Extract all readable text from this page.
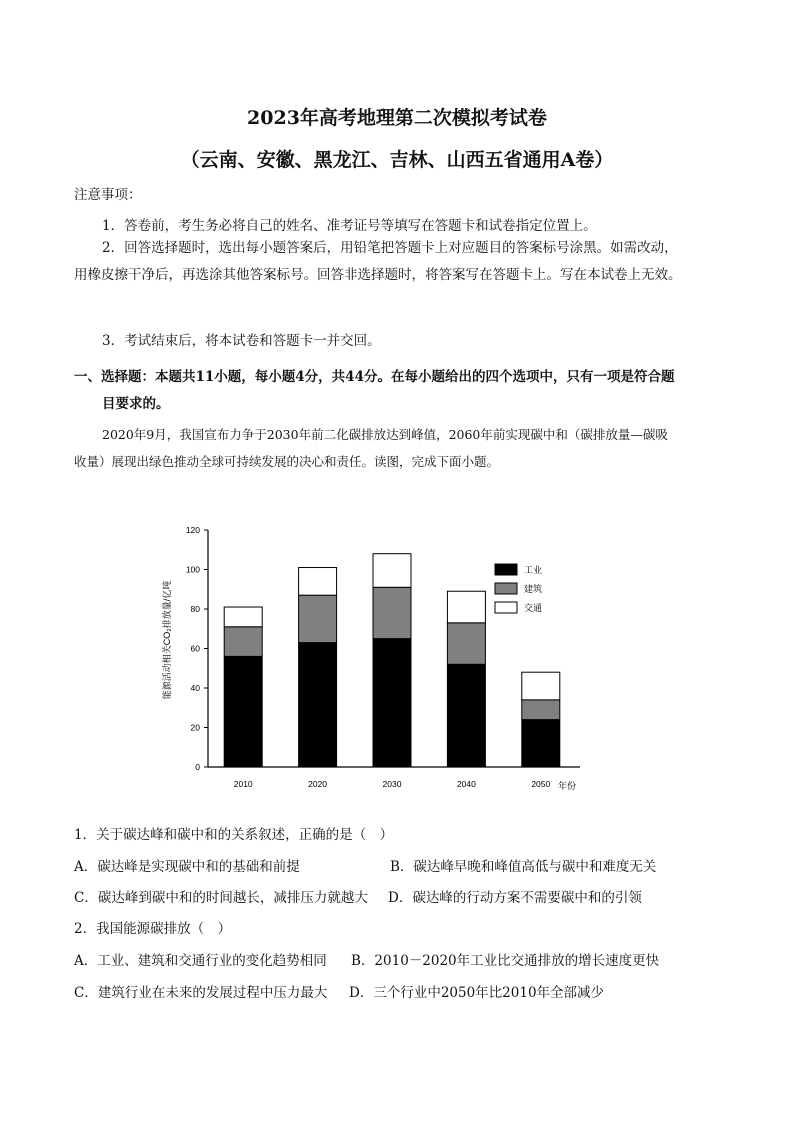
2023年高考地理第二次模拟考试卷
（云南、安徽、黑龙江、吉林、山西五省通用A卷）
注意事项：
1．答卷前，考生务必将自己的姓名、准考证号等填写在答题卡和试卷指定位置上。
2．回答选择题时，选出每小题答案后，用铅笔把答题卡上对应题目的答案标号涂黑。如需改动，用橡皮擦干净后，再选涂其他答案标号。回答非选择题时，将答案写在答题卡上。写在本试卷上无效。
3．考试结束后，将本试卷和答题卡一并交回。
一、选择题：本题共11小题，每小题4分，共44分。在每小题给出的四个选项中，只有一项是符合题目要求的。
2020年9月，我国宣布力争于2030年前二化碳排放达到峰值，2060年前实现碳中和（碳排放量—碳吸收量）展现出绿色推动全球可持续发展的决心和责任。读图，完成下面小题。
2010	2020	2030	2040	2050
0
20
40
60
80
100
120
工业
建筑
交通
能源活动相关CO₂排放量/亿吨
年份
1．关于碳达峰和碳中和的关系叙述，正确的是（　）
A．碳达峰是实现碳中和的基础和前提	B．碳达峰早晚和峰值高低与碳中和难度无关
C．碳达峰到碳中和的时间越长，减排压力就越大 D．碳达峰的行动方案不需要碳中和的引领
2．我国能源碳排放（　）
A．工业、建筑和交通行业的变化趋势相同 B．2010－2020年工业比交通排放的增长速度更快
C．建筑行业在未来的发展过程中压力最大 D．三个行业中2050年比2010年全部减少
